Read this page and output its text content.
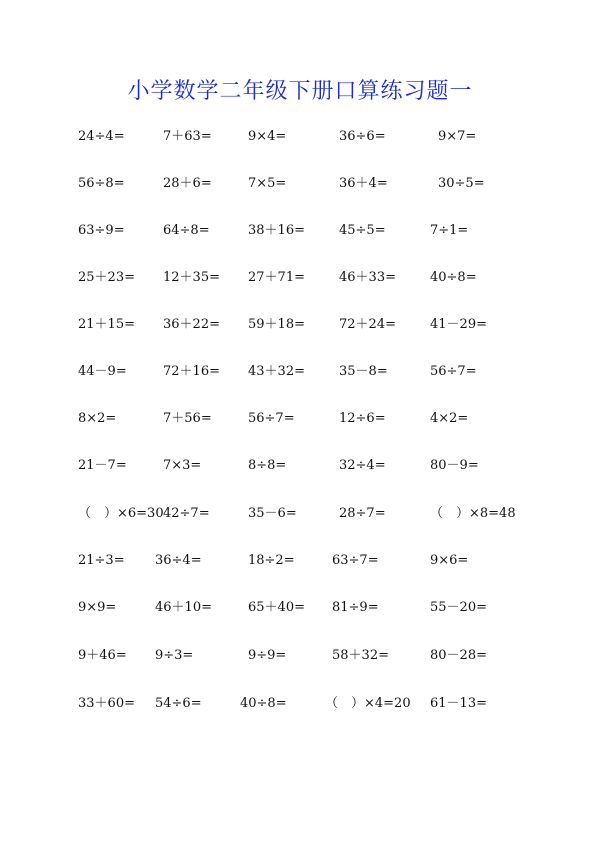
小学数学二年级下册口算练习题一
24÷4=	7＋63=	9×4=	36÷6=	9×7=
56÷8=	28＋6=	7×5=	36＋4=	30÷5=
63÷9=	64÷8=	38＋16=	45÷5=	7÷1=
25＋23= 12＋35= 27＋71=	46＋33=	40÷8=
21＋15= 36＋22= 59＋18=	72＋24=	41－29=
44－9=	72＋16= 43＋32=	35－8=	56÷7=
8×2=	7＋56=	56÷7=	12÷6=	4×2=
21－7=	7×3=	8÷8=	32÷4=	80－9=
（　）×6=30 42÷7=	35－6=	28÷7=	（　）×8=48
21÷3= 36÷4=	18÷2=	63÷7=	9×6=
9×9=	46＋10=	65＋40= 81÷9=	55－20=
9＋46= 9÷3=	9÷9=	58＋32=	80－28=
33＋60= 54÷6=	40÷8=	（　）×4=20 61－13=
